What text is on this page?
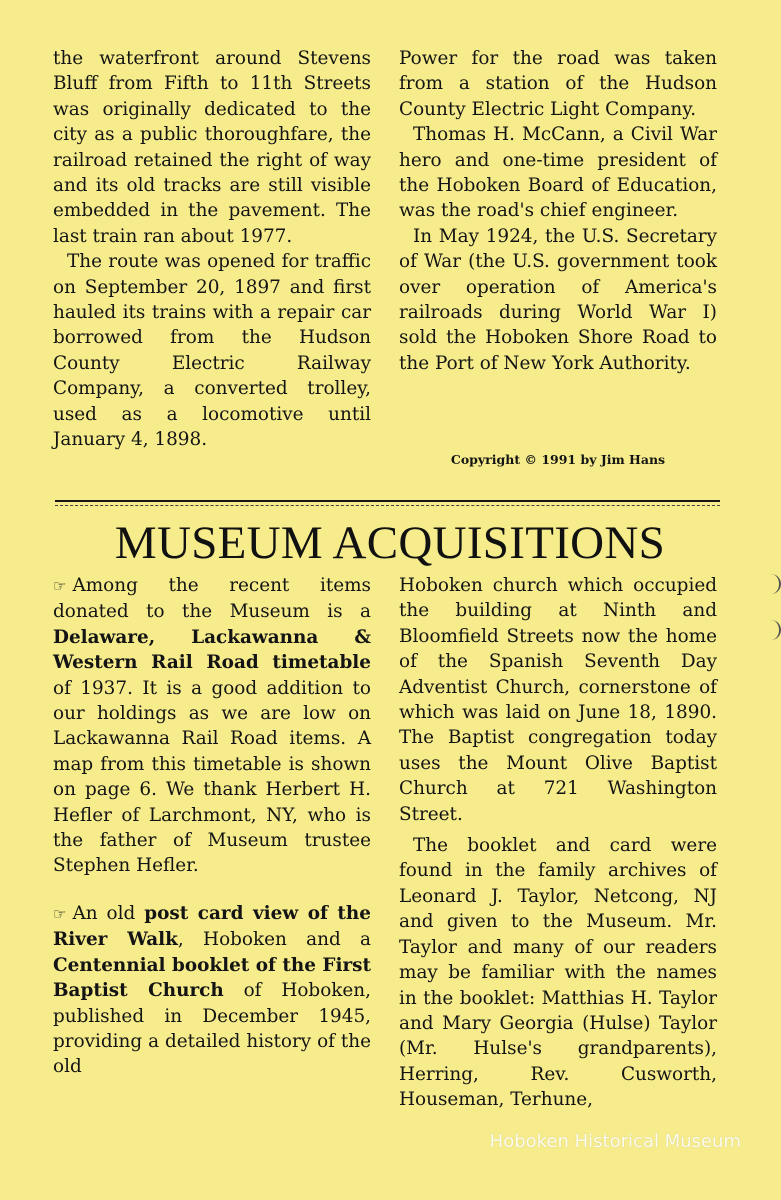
the waterfront around Stevens Bluff from Fifth to 11th Streets was originally dedicated to the city as a public thoroughfare, the railroad retained the right of way and its old tracks are still visible embedded in the pavement. The last train ran about 1977.

The route was opened for traffic on September 20, 1897 and first hauled its trains with a repair car borrowed from the Hudson County Electric Railway Company, a converted trolley, used as a locomotive until January 4, 1898.

Power for the road was taken from a station of the Hudson County Electric Light Company.

Thomas H. McCann, a Civil War hero and one-time president of the Hoboken Board of Education, was the road's chief engineer.

In May 1924, the U.S. Secretary of War (the U.S. government took over operation of America's railroads during World War I) sold the Hoboken Shore Road to the Port of New York Authority.

Copyright © 1991 by Jim Hans
MUSEUM ACQUISITIONS

☞ Among the recent items donated to the Museum is a Delaware, Lackawanna & Western Rail Road timetable of 1937. It is a good addition to our holdings as we are low on Lackawanna Rail Road items. A map from this timetable is shown on page 6. We thank Herbert H. Hefler of Larchmont, NY, who is the father of Museum trustee Stephen Hefler.

☞ An old post card view of the River Walk, Hoboken and a Centennial booklet of the First Baptist Church of Hoboken, published in December 1945, providing a detailed history of the old

Hoboken church which occupied the building at Ninth and Bloomfield Streets now the home of the Spanish Seventh Day Adventist Church, cornerstone of which was laid on June 18, 1890. The Baptist congregation today uses the Mount Olive Baptist Church at 721 Washington Street.

The booklet and card were found in the family archives of Leonard J. Taylor, Netcong, NJ and given to the Museum. Mr. Taylor and many of our readers may be familiar with the names in the booklet: Matthias H. Taylor and Mary Georgia (Hulse) Taylor (Mr. Hulse's grandparents), Herring, Rev. Cusworth, Houseman, Terhune,

Hoboken Historical Museum
